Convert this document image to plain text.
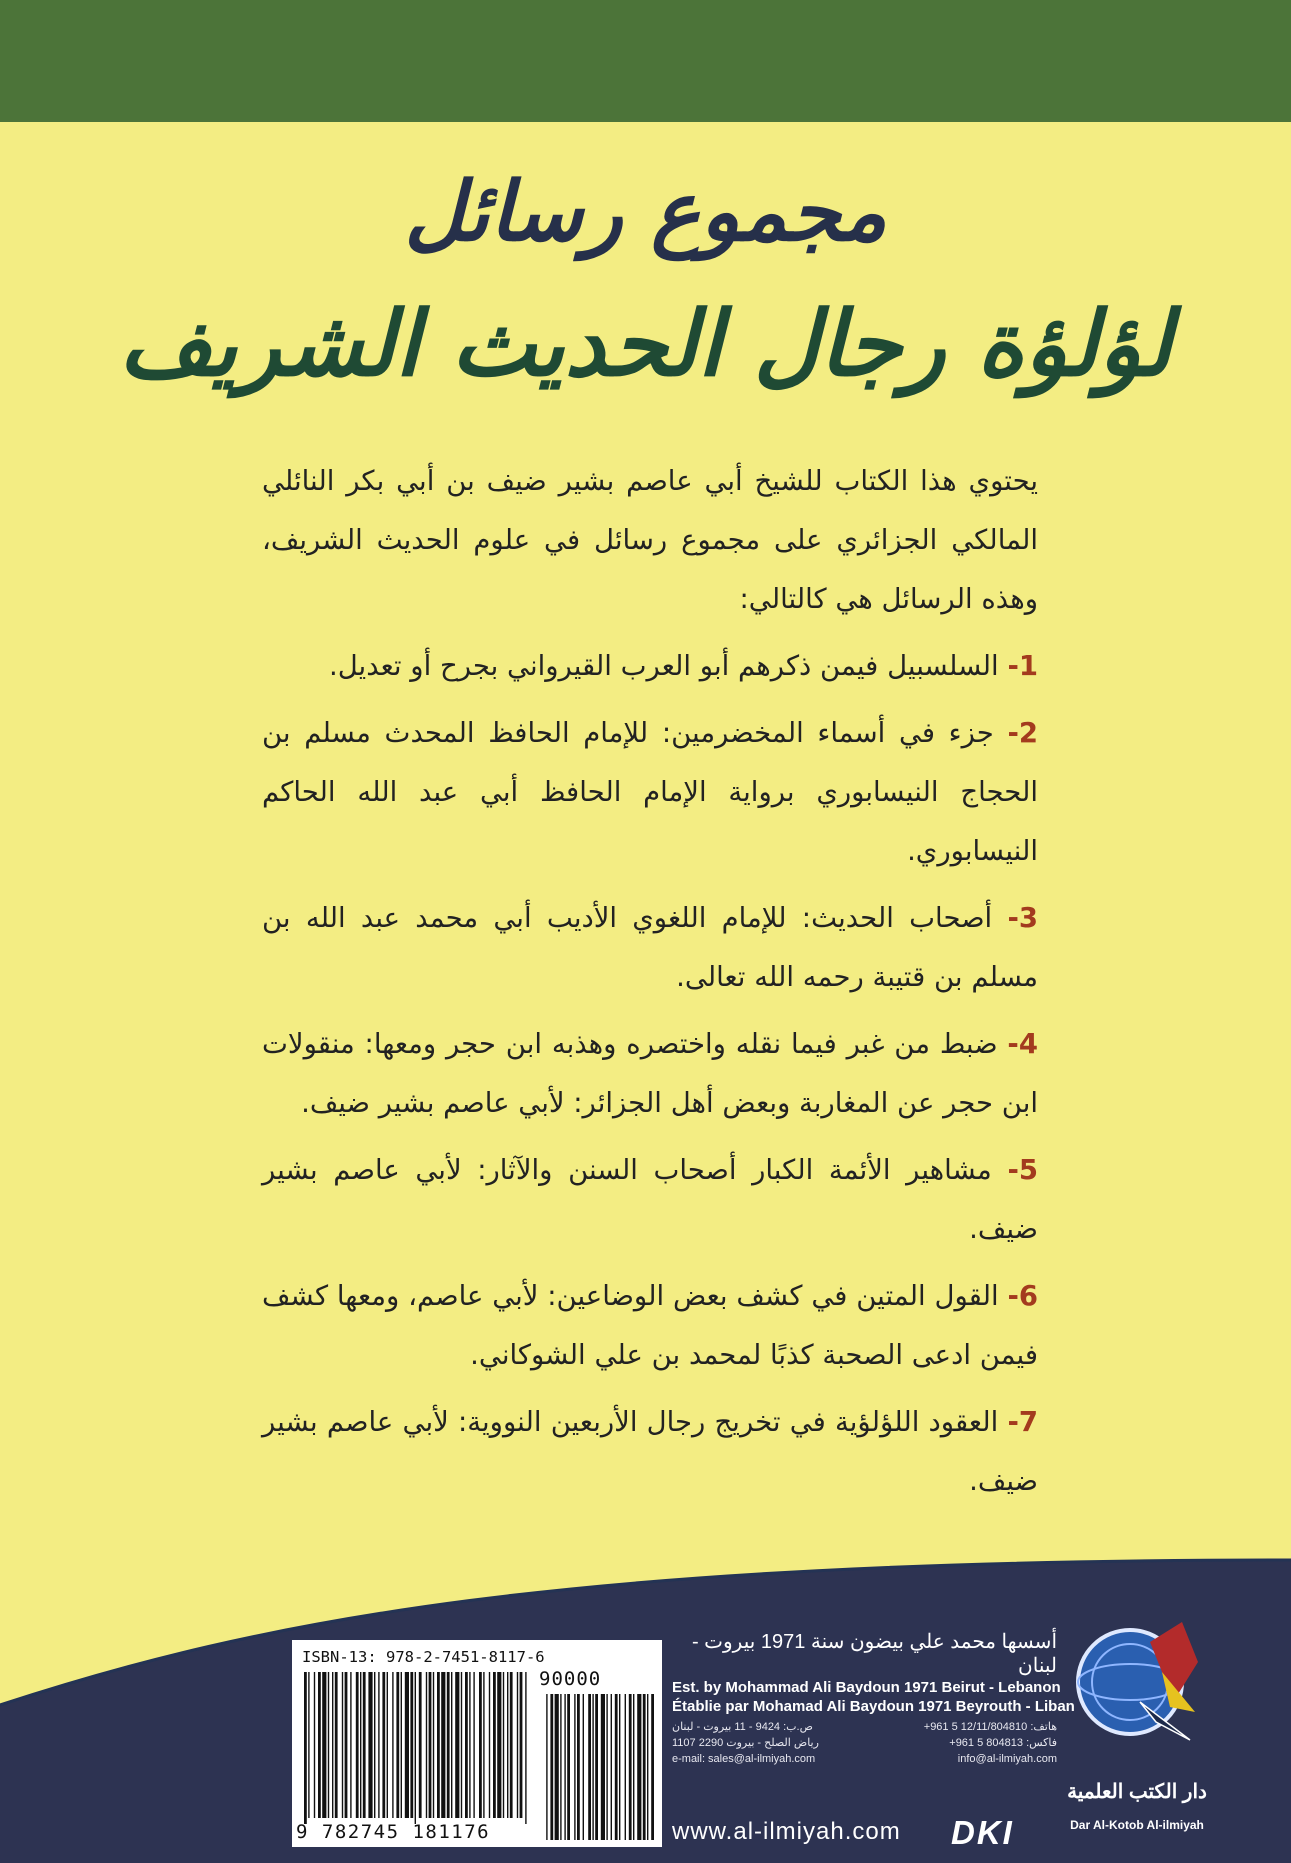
مجموع رسائل
لؤلؤة رجال الحديث الشريف

يحتوي هذا الكتاب للشيخ أبي عاصم بشير ضيف بن أبي بكر النائلي المالكي الجزائري على مجموع رسائل في علوم الحديث الشريف، وهذه الرسائل هي كالتالي:

1- السلسبيل فيمن ذكرهم أبو العرب القيرواني بجرح أو تعديل.
2- جزء في أسماء المخضرمين: للإمام الحافظ المحدث مسلم بن الحجاج النيسابوري برواية الإمام الحافظ أبي عبد الله الحاكم النيسابوري.
3- أصحاب الحديث: للإمام اللغوي الأديب أبي محمد عبد الله بن مسلم بن قتيبة رحمه الله تعالى.
4- ضبط من غبر فيما نقله واختصره وهذبه ابن حجر ومعها: منقولات ابن حجر عن المغاربة وبعض أهل الجزائر: لأبي عاصم بشير ضيف.
5- مشاهير الأئمة الكبار أصحاب السنن والآثار: لأبي عاصم بشير ضيف.
6- القول المتين في كشف بعض الوضاعين: لأبي عاصم، ومعها كشف فيمن ادعى الصحبة كذبًا لمحمد بن علي الشوكاني.
7- العقود اللؤلؤية في تخريج رجال الأربعين النووية: لأبي عاصم بشير ضيف.
ISBN-13: 978-2-7451-8117-6
90000
9 782745 181176
أسسها محمد علي بيضون سنة 1971 بيروت - لبنان
Est. by Mohammad Ali Baydoun 1971 Beirut - Lebanon
Établie par Mohamad Ali Baydoun 1971 Beyrouth - Liban
هاتف: 12/11/804810 5 961+
ص.ب: 9424 - 11 بيروت - لبنان
فاكس: 804813 5 961+
رياض الصلح - بيروت 2290 1107
e-mail: sales@al-ilmiyah.com	info@al-ilmiyah.com
www.al-ilmiyah.com DKI
دار الكتب العلمية
Dar Al-Kotob Al-ilmiyah
